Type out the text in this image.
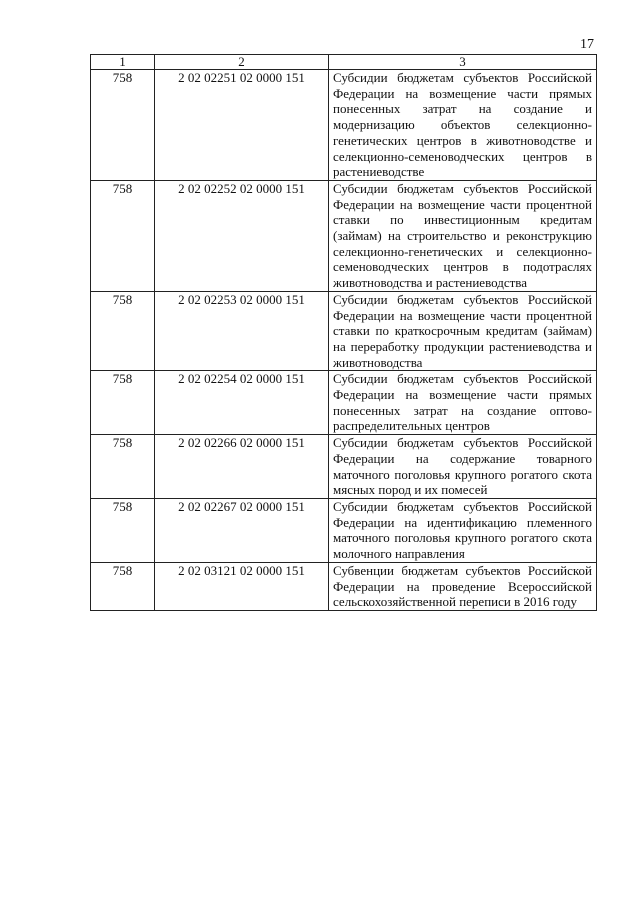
17
1	2	3
758	2 02 02251 02 0000 151	Субсидии бюджетам субъектов Российской Федерации на возмещение части прямых понесенных затрат на создание и модернизацию объектов селекционно-генетических центров в животноводстве и селекционно-семеноводческих центров в растениеводстве
758	2 02 02252 02 0000 151	Субсидии бюджетам субъектов Российской Федерации на возмещение части процентной ставки по инвестиционным кредитам (займам) на строительство и реконструкцию селекционно-генетических и селекционно-семеноводческих центров в подотраслях животноводства и растениеводства
758	2 02 02253 02 0000 151	Субсидии бюджетам субъектов Российской Федерации на возмещение части процентной ставки по краткосрочным кредитам (займам) на переработку продукции растениеводства и животноводства
758	2 02 02254 02 0000 151	Субсидии бюджетам субъектов Российской Федерации на возмещение части прямых понесенных затрат на создание оптово-распределительных центров
758	2 02 02266 02 0000 151	Субсидии бюджетам субъектов Российской Федерации на содержание товарного маточного поголовья крупного рогатого скота мясных пород и их помесей
758	2 02 02267 02 0000 151	Субсидии бюджетам субъектов Российской Федерации на идентификацию племенного маточного поголовья крупного рогатого скота молочного направления
758	2 02 03121 02 0000 151	Субвенции бюджетам субъектов Российской Федерации на проведение Всероссийской сельскохозяйственной переписи в 2016 году
